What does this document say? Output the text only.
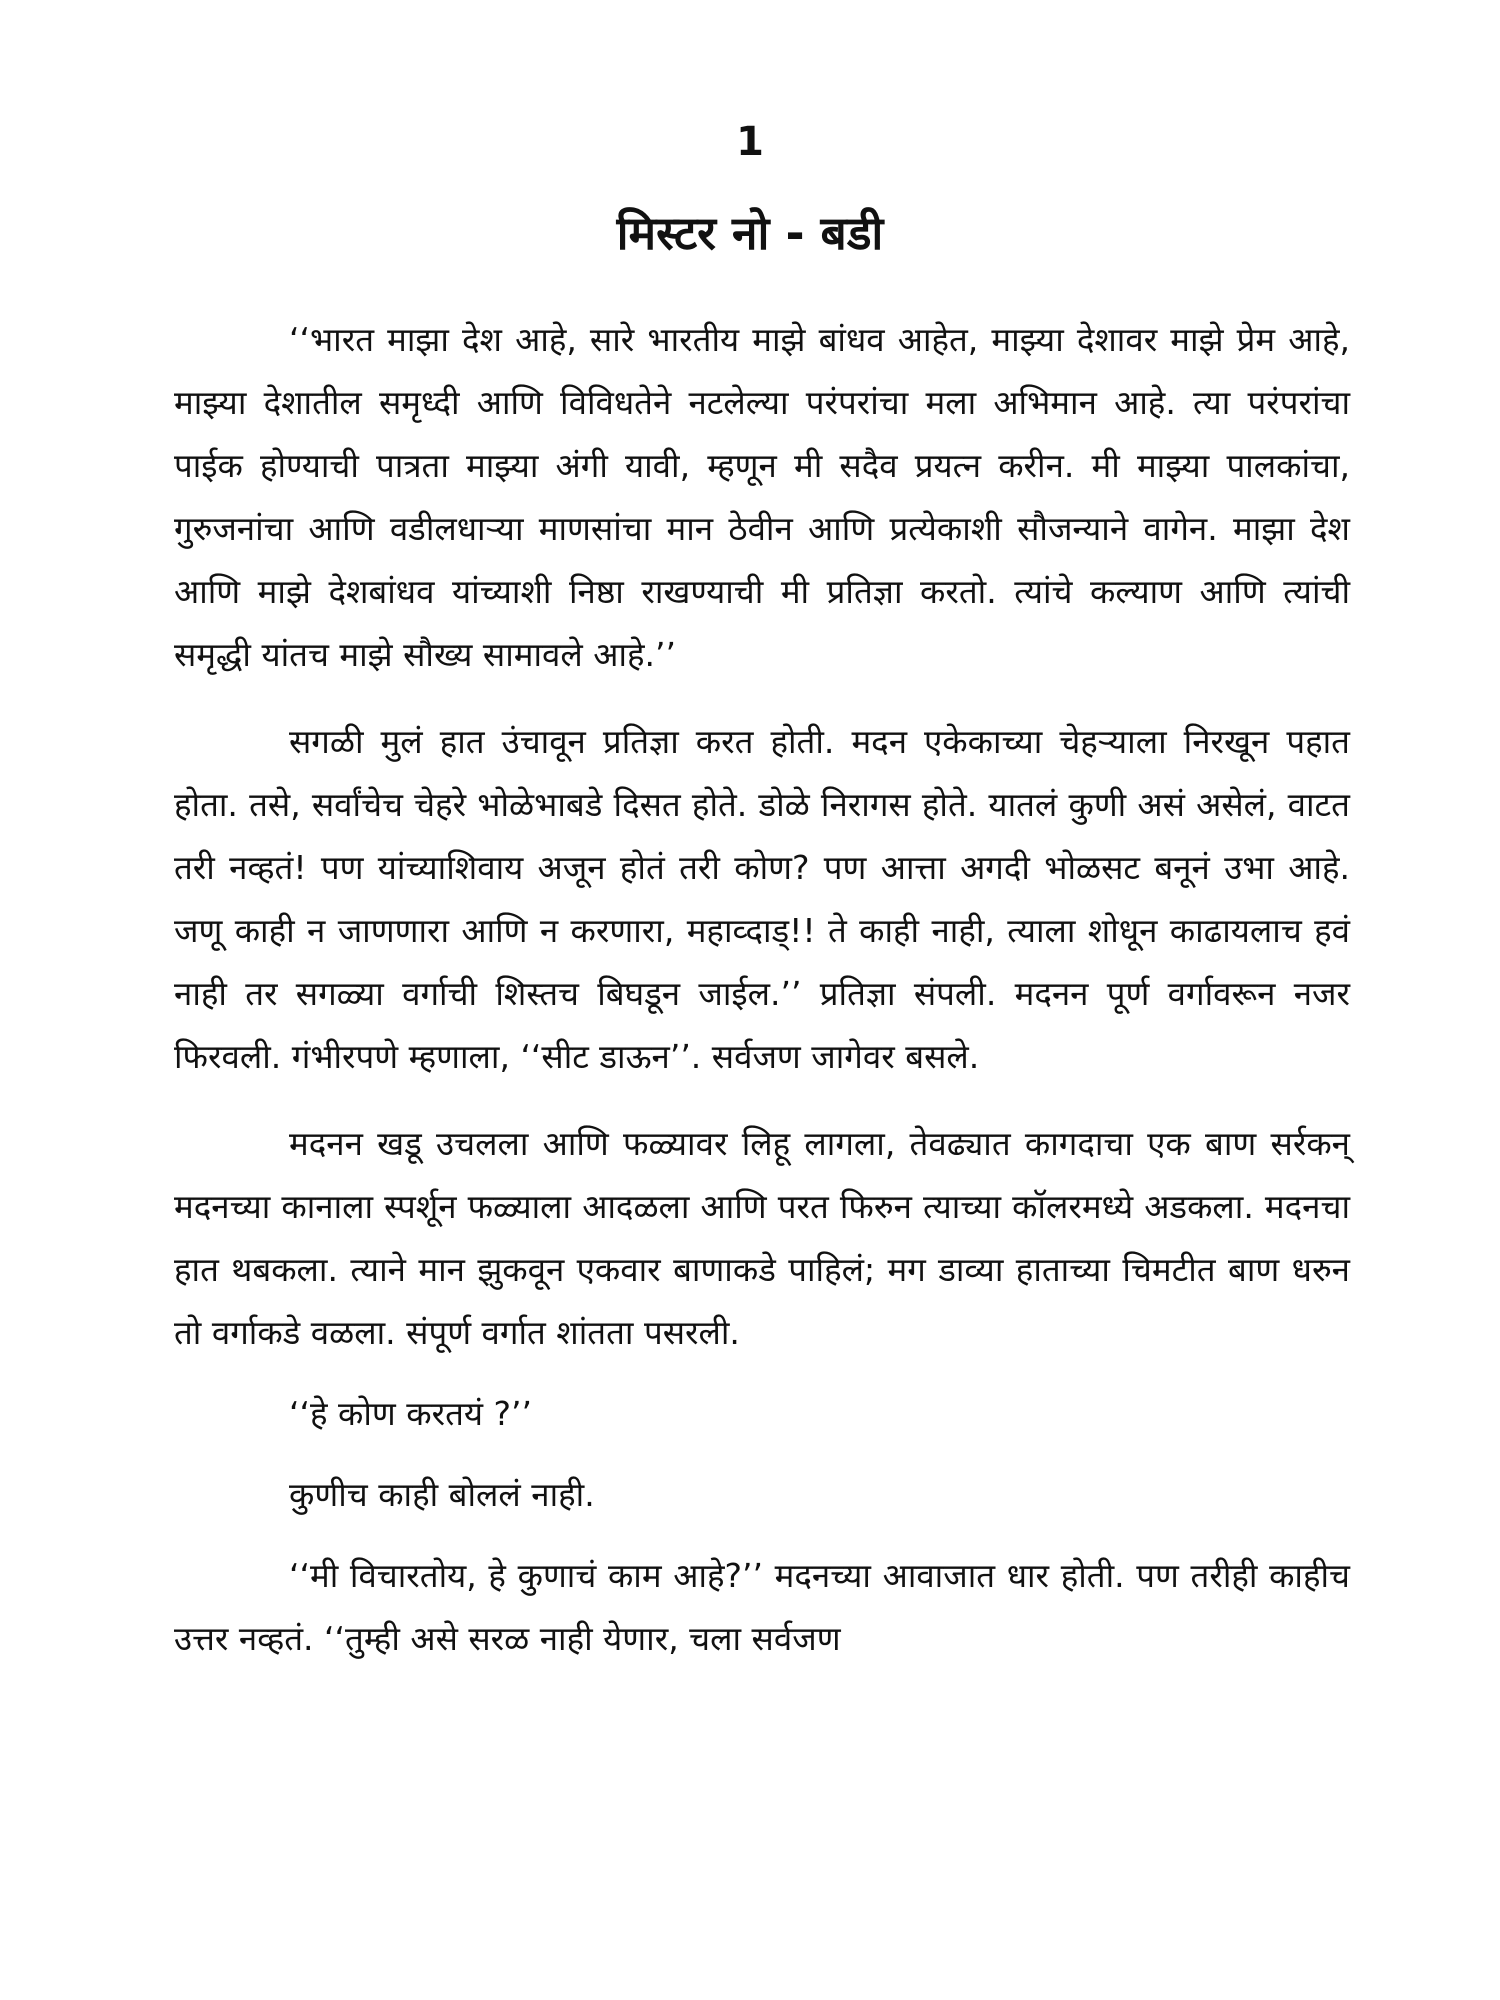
1
मिस्टर नो - बडी

‘‘भारत माझा देश आहे, सारे भारतीय माझे बांधव आहेत, माझ्या देशावर माझे प्रेम आहे, माझ्या देशातील समृध्दी आणि विविधतेने नटलेल्या परंपरांचा मला अभिमान आहे. त्या परंपरांचा पाईक होण्याची पात्रता माझ्या अंगी यावी, म्हणून मी सदैव प्रयत्न करीन. मी माझ्या पालकांचा, गुरुजनांचा आणि वडीलधाऱ्या माणसांचा मान ठेवीन आणि प्रत्येकाशी सौजन्याने वागेन. माझा देश आणि माझे देशबांधव यांच्याशी निष्ठा राखण्याची मी प्रतिज्ञा करतो. त्यांचे कल्याण आणि त्यांची समृद्धी यांतच माझे सौख्य सामावले आहे.’’

सगळी मुलं हात उंचावून प्रतिज्ञा करत होती. मदन एकेकाच्या चेहऱ्याला निरखून पहात होता. तसे, सर्वांचेच चेहरे भोळेभाबडे दिसत होते. डोळे निरागस होते. यातलं कुणी असं असेलं, वाटत तरी नव्हतं! पण यांच्याशिवाय अजून होतं तरी कोण? पण आत्ता अगदी भोळसट बनूनं उभा आहे. जणू काही न जाणणारा आणि न करणारा, महाव्दाड्!! ते काही नाही, त्याला शोधून काढायलाच हवं नाही तर सगळ्या वर्गाची शिस्तच बिघडून जाईल.’’ प्रतिज्ञा संपली. मदनन पूर्ण वर्गावरून नजर फिरवली. गंभीरपणे म्हणाला, ‘‘सीट डाऊन’’. सर्वजण जागेवर बसले.

मदनन खडू उचलला आणि फळ्यावर लिहू लागला, तेवढ्यात कागदाचा एक बाण सर्रकन् मदनच्या कानाला स्पर्शून फळ्याला आदळला आणि परत फिरुन त्याच्या कॉलरमध्ये अडकला. मदनचा हात थबकला. त्याने मान झुकवून एकवार बाणाकडे पाहिलं; मग डाव्या हाताच्या चिमटीत बाण धरुन तो वर्गाकडे वळला. संपूर्ण वर्गात शांतता पसरली.

‘‘हे कोण करतयं ?’’

कुणीच काही बोललं नाही.

‘‘मी विचारतोय, हे कुणाचं काम आहे?’’ मदनच्या आवाजात धार होती. पण तरीही काहीच उत्तर नव्हतं. ‘‘तुम्ही असे सरळ नाही येणार, चला सर्वजण
